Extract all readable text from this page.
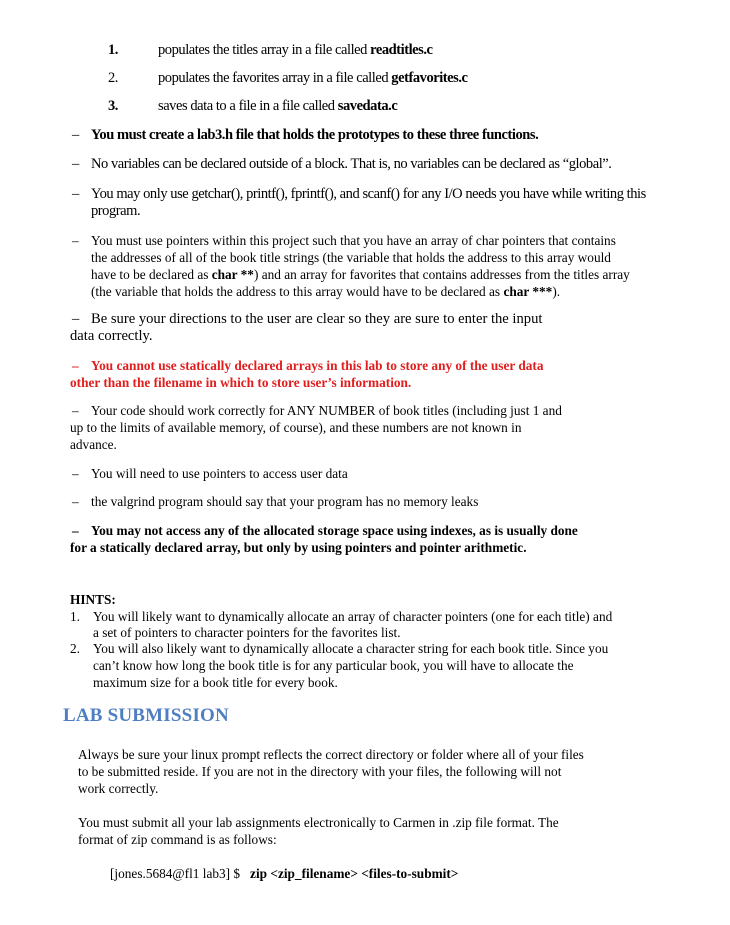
1.	populates the titles array in a file called readtitles.c
2.	populates the favorites array in a file called getfavorites.c
3.	saves data to a file in a file called savedata.c
– You must create a lab3.h file that holds the prototypes to these three functions.
– No variables can be declared outside of a block. That is, no variables can be declared as “global”.
– You may only use getchar(), printf(), fprintf(), and scanf() for any I/O needs you have while writing this
program.
– You must use pointers within this project such that you have an array of char pointers that contains
the addresses of all of the book title strings (the variable that holds the address to this array would
have to be declared as char **) and an array for favorites that contains addresses from the titles array
(the variable that holds the address to this array would have to be declared as char ***).
– Be sure your directions to the user are clear so they are sure to enter the input
data correctly.
– You cannot use statically declared arrays in this lab to store any of the user data
other than the filename in which to store user’s information.
– Your code should work correctly for ANY NUMBER of book titles (including just 1 and
up to the limits of available memory, of course), and these numbers are not known in
advance.
– You will need to use pointers to access user data
– the valgrind program should say that your program has no memory leaks
– You may not access any of the allocated storage space using indexes, as is usually done
for a statically declared array, but only by using pointers and pointer arithmetic.
HINTS:
1. You will likely want to dynamically allocate an array of character pointers (one for each title) and
a set of pointers to character pointers for the favorites list.
2. You will also likely want to dynamically allocate a character string for each book title. Since you
can’t know how long the book title is for any particular book, you will have to allocate the
maximum size for a book title for every book.
LAB SUBMISSION
Always be sure your linux prompt reflects the correct directory or folder where all of your files
to be submitted reside. If you are not in the directory with your files, the following will not
work correctly.
You must submit all your lab assignments electronically to Carmen in .zip file format. The
format of zip command is as follows:
[jones.5684@fl1 lab3] $ zip <zip_filename> <files-to-submit>
